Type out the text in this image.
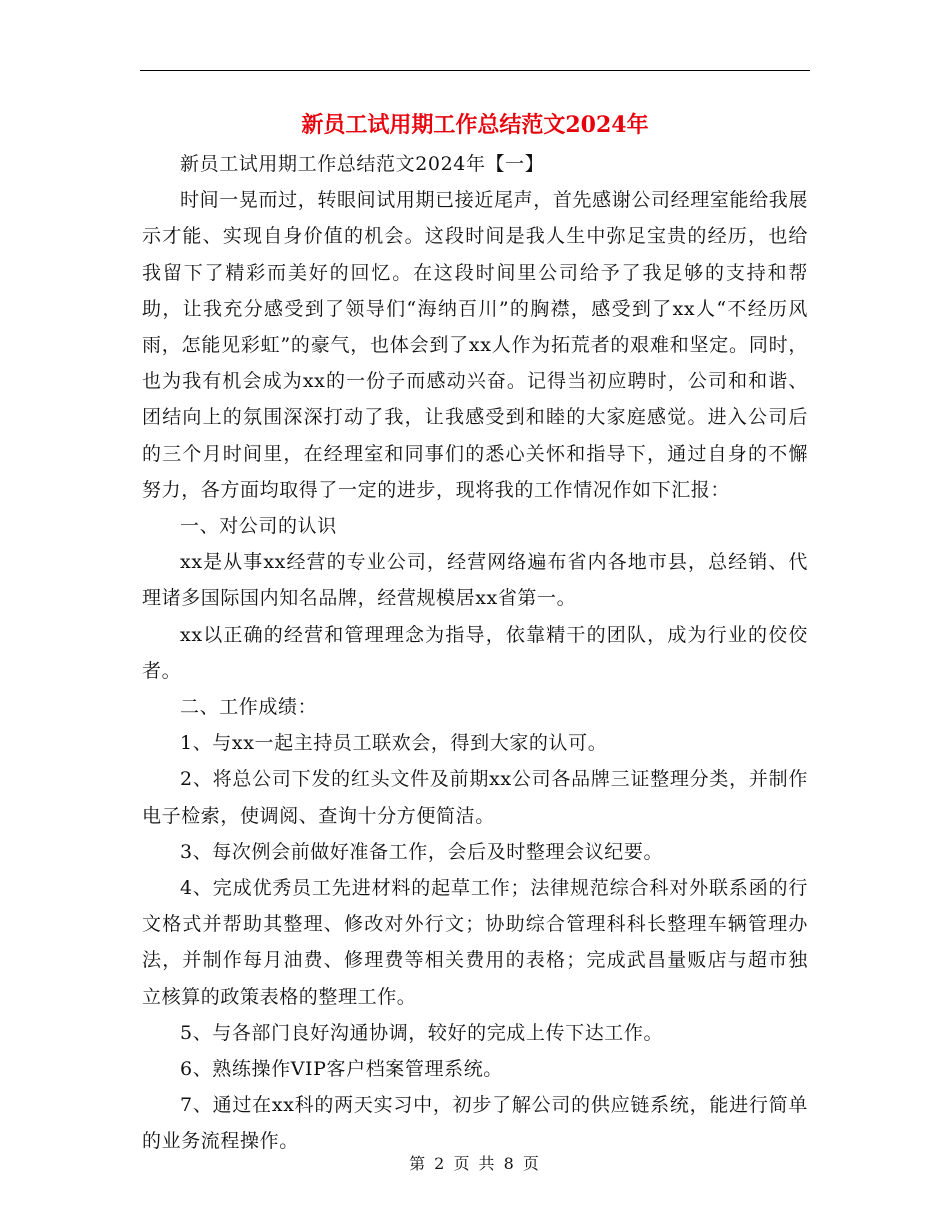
新员工试用期工作总结范文2024年

新员工试用期工作总结范文2024年【一】

时间一晃而过，转眼间试用期已接近尾声，首先感谢公司经理室能给我展示才能、实现自身价值的机会。这段时间是我人生中弥足宝贵的经历，也给我留下了精彩而美好的回忆。在这段时间里公司给予了我足够的支持和帮助，让我充分感受到了领导们“海纳百川”的胸襟，感受到了xx人“不经历风雨，怎能见彩虹”的豪气，也体会到了xx人作为拓荒者的艰难和坚定。同时，也为我有机会成为xx的一份子而感动兴奋。记得当初应聘时，公司和和谐、团结向上的氛围深深打动了我，让我感受到和睦的大家庭感觉。进入公司后的三个月时间里，在经理室和同事们的悉心关怀和指导下，通过自身的不懈努力，各方面均取得了一定的进步，现将我的工作情况作如下汇报：

一、对公司的认识

xx是从事xx经营的专业公司，经营网络遍布省内各地市县，总经销、代理诸多国际国内知名品牌，经营规模居xx省第一。

xx以正确的经营和管理理念为指导，依靠精干的团队，成为行业的佼佼者。

二、工作成绩：

1、与xx一起主持员工联欢会，得到大家的认可。

2、将总公司下发的红头文件及前期xx公司各品牌三证整理分类，并制作电子检索，使调阅、查询十分方便简洁。

3、每次例会前做好准备工作，会后及时整理会议纪要。

4、完成优秀员工先进材料的起草工作；法律规范综合科对外联系函的行文格式并帮助其整理、修改对外行文；协助综合管理科科长整理车辆管理办法，并制作每月油费、修理费等相关费用的表格；完成武昌量贩店与超市独立核算的政策表格的整理工作。

5、与各部门良好沟通协调，较好的完成上传下达工作。

6、熟练操作VIP客户档案管理系统。

7、通过在xx科的两天实习中，初步了解公司的供应链系统，能进行简单的业务流程操作。

第 2 页 共 8 页
